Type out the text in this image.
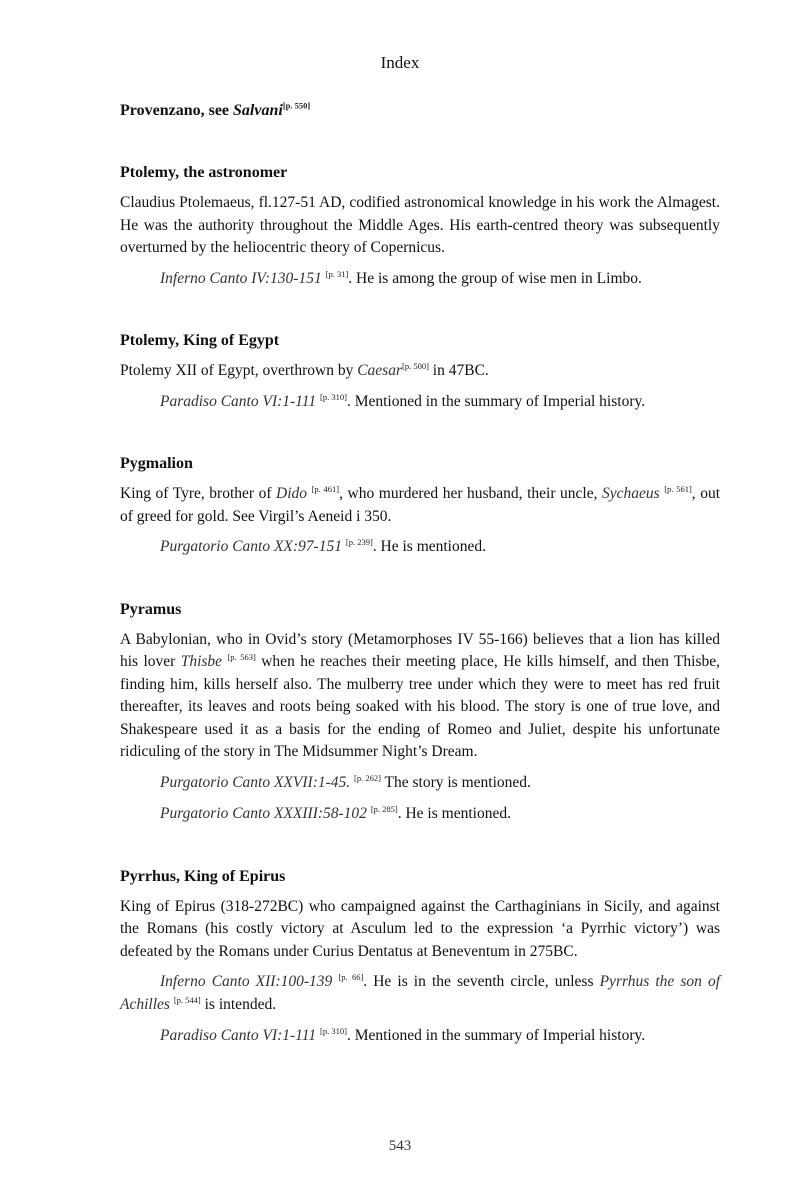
Index
Provenzano, see Salvani[p. 550]
Ptolemy, the astronomer

Claudius Ptolemaeus, fl.127-51 AD, codified astronomical knowledge in his work the Almagest. He was the authority throughout the Middle Ages. His earth-centred theory was subsequently overturned by the heliocentric theory of Copernicus.

Inferno Canto IV:130-151 [p. 31]. He is among the group of wise men in Limbo.

Ptolemy, King of Egypt

Ptolemy XII of Egypt, overthrown by Caesar[p. 500] in 47BC.

Paradiso Canto VI:1-111 [p. 310]. Mentioned in the summary of Imperial history.

Pygmalion

King of Tyre, brother of Dido [p. 461], who murdered her husband, their uncle, Sychaeus [p. 561], out of greed for gold. See Virgil’s Aeneid i 350.

Purgatorio Canto XX:97-151 [p. 239]. He is mentioned.

Pyramus

A Babylonian, who in Ovid’s story (Metamorphoses IV 55-166) believes that a lion has killed his lover Thisbe [p. 563] when he reaches their meeting place, He kills himself, and then Thisbe, finding him, kills herself also. The mulberry tree under which they were to meet has red fruit thereafter, its leaves and roots being soaked with his blood. The story is one of true love, and Shakespeare used it as a basis for the ending of Romeo and Juliet, despite his unfortunate ridiculing of the story in The Midsummer Night’s Dream.

Purgatorio Canto XXVII:1-45. [p. 262] The story is mentioned.

Purgatorio Canto XXXIII:58-102 [p. 285]. He is mentioned.

Pyrrhus, King of Epirus

King of Epirus (318-272BC) who campaigned against the Carthaginians in Sicily, and against the Romans (his costly victory at Asculum led to the expression ‘a Pyrrhic victory’) was defeated by the Romans under Curius Dentatus at Beneventum in 275BC.

Inferno Canto XII:100-139 [p. 66]. He is in the seventh circle, unless Pyrrhus the son of Achilles [p. 544] is intended.

Paradiso Canto VI:1-111 [p. 310]. Mentioned in the summary of Imperial history.

543
